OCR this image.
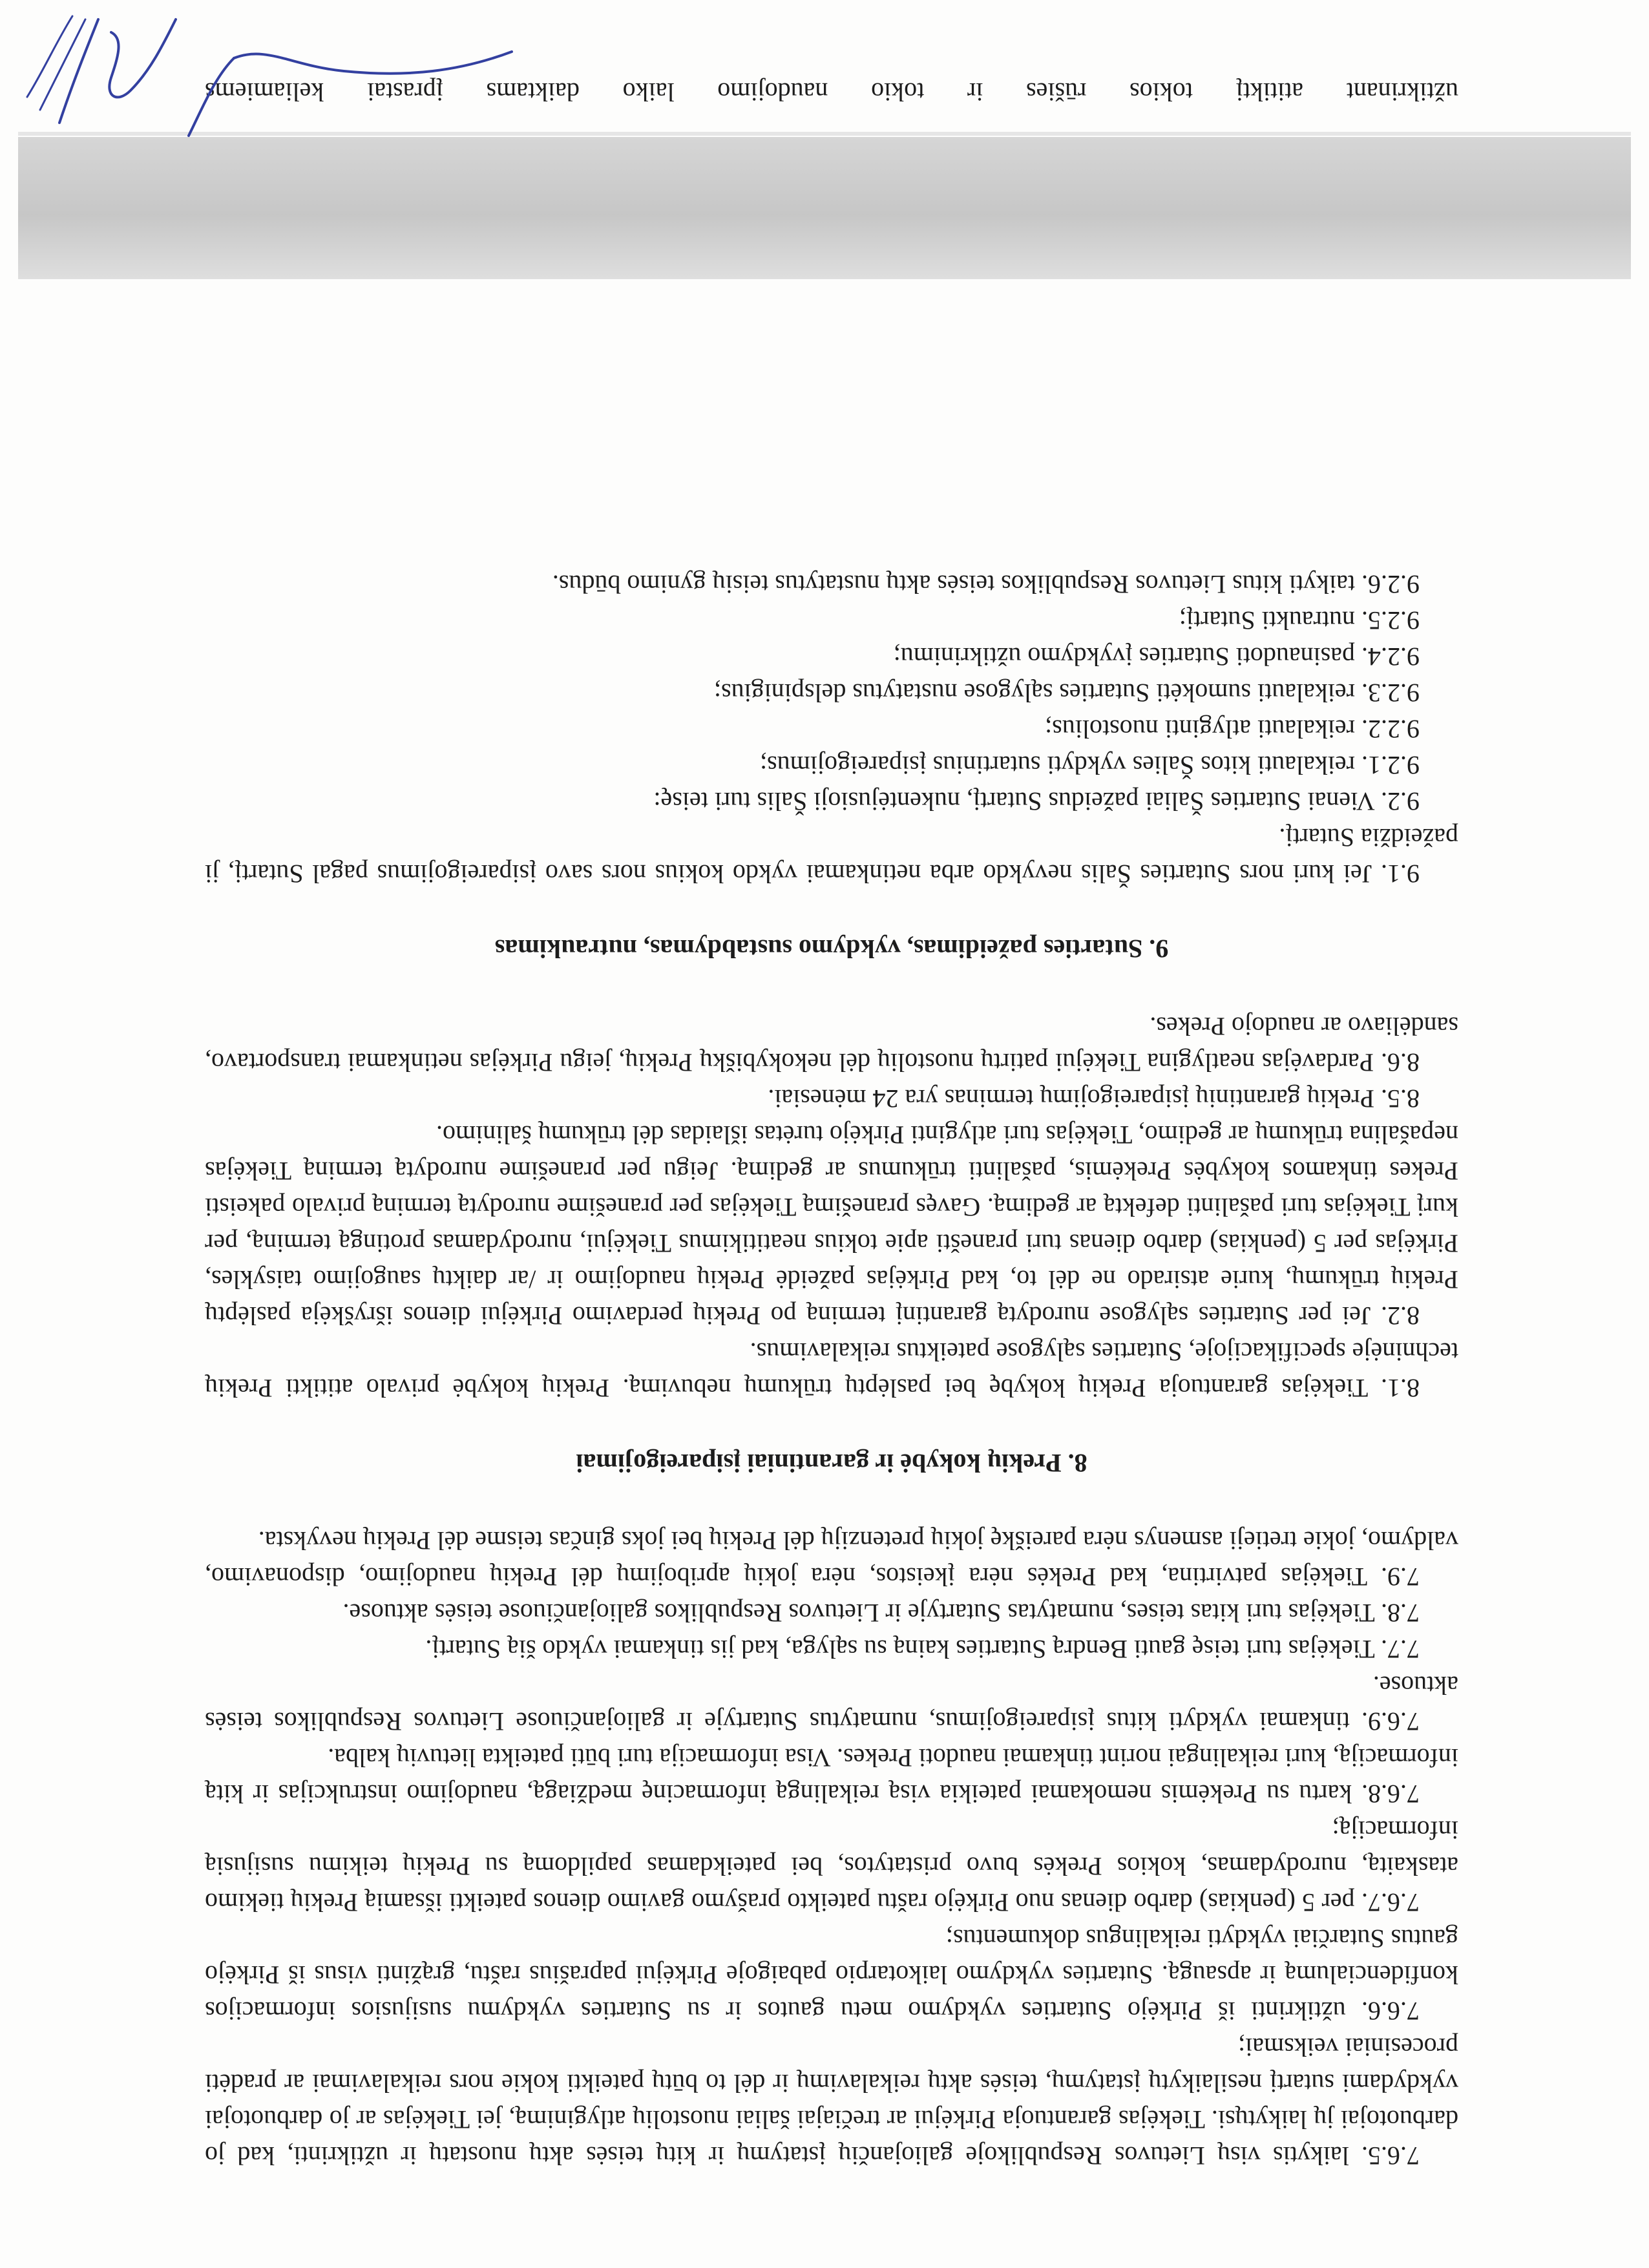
7.6.5. laikytis visų Lietuvos Respublikoje galiojančių įstatymų ir kitų teisės aktų nuostatų ir užtikrinti, kad jo darbuotojai jų laikytųsi. Tiekėjas garantuoja Pirkėjui ar trečiajai šaliai nuostolių atlyginimą, jei Tiekėjas ar jo darbuotojai vykdydami sutartį nesilaikytų įstatymų, teisės aktų reikalavimų ir dėl to būtų pateikti kokie nors reikalavimai ar pradėti procesiniai veiksmai;

7.6.6. užtikrinti iš Pirkėjo Sutarties vykdymo metu gautos ir su Sutarties vykdymu susijusios informacijos konfidencialumą ir apsaugą. Sutarties vykdymo laikotarpio pabaigoje Pirkėjui paprašius raštu, grąžinti visus iš Pirkėjo gautus Sutarčiai vykdyti reikalingus dokumentus;

7.6.7. per 5 (penkias) darbo dienas nuo Pirkėjo raštu pateikto prašymo gavimo dienos pateikti išsamią Prekių tiekimo ataskaitą, nurodydamas, kokios Prekės buvo pristatytos, bei pateikdamas papildomą su Prekių teikimu susijusią informaciją;

7.6.8. kartu su Prekėmis nemokamai pateikia visą reikalingą informacinę medžiagą, naudojimo instrukcijas ir kitą informaciją, kuri reikalingai norint tinkamai naudoti Prekes. Visa informacija turi būti pateikta lietuvių kalba.

7.6.9. tinkamai vykdyti kitus įsipareigojimus, numatytus Sutartyje ir galiojančiuose Lietuvos Respublikos teisės aktuose.

7.7. Tiekėjas turi teisę gauti Bendrą Sutarties kainą su sąlyga, kad jis tinkamai vykdo šią Sutartį.

7.8. Tiekėjas turi kitas teises, numatytas Sutartyje ir Lietuvos Respublikos galiojančiuose teisės aktuose.

7.9. Tiekėjas patvirtina, kad Prekės nėra įkeistos, nėra jokių apribojimų dėl Prekių naudojimo, disponavimo, valdymo, jokie tretieji asmenys nėra pareiškę jokių pretenzijų dėl Prekių bei joks ginčas teisme dėl Prekių nevyksta.

8. Prekių kokybė ir garantiniai įsipareigojimai

8.1. Tiekėjas garantuoja Prekių kokybę bei paslėptų trūkumų nebuvimą. Prekių kokybė privalo atitikti Prekių techninėje specifikacijoje, Sutarties sąlygose pateiktus reikalavimus.

8.2. Jei per Sutarties sąlygose nurodytą garantinį terminą po Prekių perdavimo Pirkėjui dienos išryškėja paslėptų Prekių trūkumų, kurie atsirado ne dėl to, kad Pirkėjas pažeidė Prekių naudojimo ir /ar daiktų saugojimo taisykles, Pirkėjas per 5 (penkias) darbo dienas turi pranešti apie tokius neatitikimus Tiekėjui, nurodydamas protingą terminą, per kurį Tiekėjas turi pašalinti defektą ar gedimą. Gavęs pranešimą Tiekėjas per pranešime nurodytą terminą privalo pakeisti Prekes tinkamos kokybės Prekėmis, pašalinti trūkumus ar gedimą. Jeigu per pranešime nurodytą terminą Tiekėjas nepašalina trūkumų ar gedimo, Tiekėjas turi atlyginti Pirkėjo turėtas išlaidas dėl trūkumų šalinimo.

8.5. Prekių garantinių įsipareigojimų terminas yra 24 mėnesiai.

8.6. Pardavėjas neatlygina Tiekėjui patirtų nuostolių dėl nekokybiškų Prekių, jeigu Pirkėjas netinkamai transportavo, sandėliavo ar naudojo Prekes.

9. Sutarties pažeidimas, vykdymo sustabdymas, nutraukimas

9.1. Jei kuri nors Sutarties Šalis nevykdo arba netinkamai vykdo kokius nors savo įsipareigojimus pagal Sutartį, ji pažeidžia Sutartį.

9.2. Vienai Sutarties Šaliai pažeidus Sutartį, nukentėjusioji Šalis turi teisę:

9.2.1. reikalauti kitos Šalies vykdyti sutartinius įsipareigojimus;

9.2.2. reikalauti atlyginti nuostolius;

9.2.3. reikalauti sumokėti Sutarties sąlygose nustatytus delspinigius;

9.2.4. pasinaudoti Sutarties įvykdymo užtikrinimu;

9.2.5. nutraukti Sutartį;

9.2.6. taikyti kitus Lietuvos Respublikos teisės aktų nustatytus teisių gynimo būdus.

užtikrinant atitiktį tokios rūšies ir tokio naudojimo laiko daiktams įprastai keliamiems
